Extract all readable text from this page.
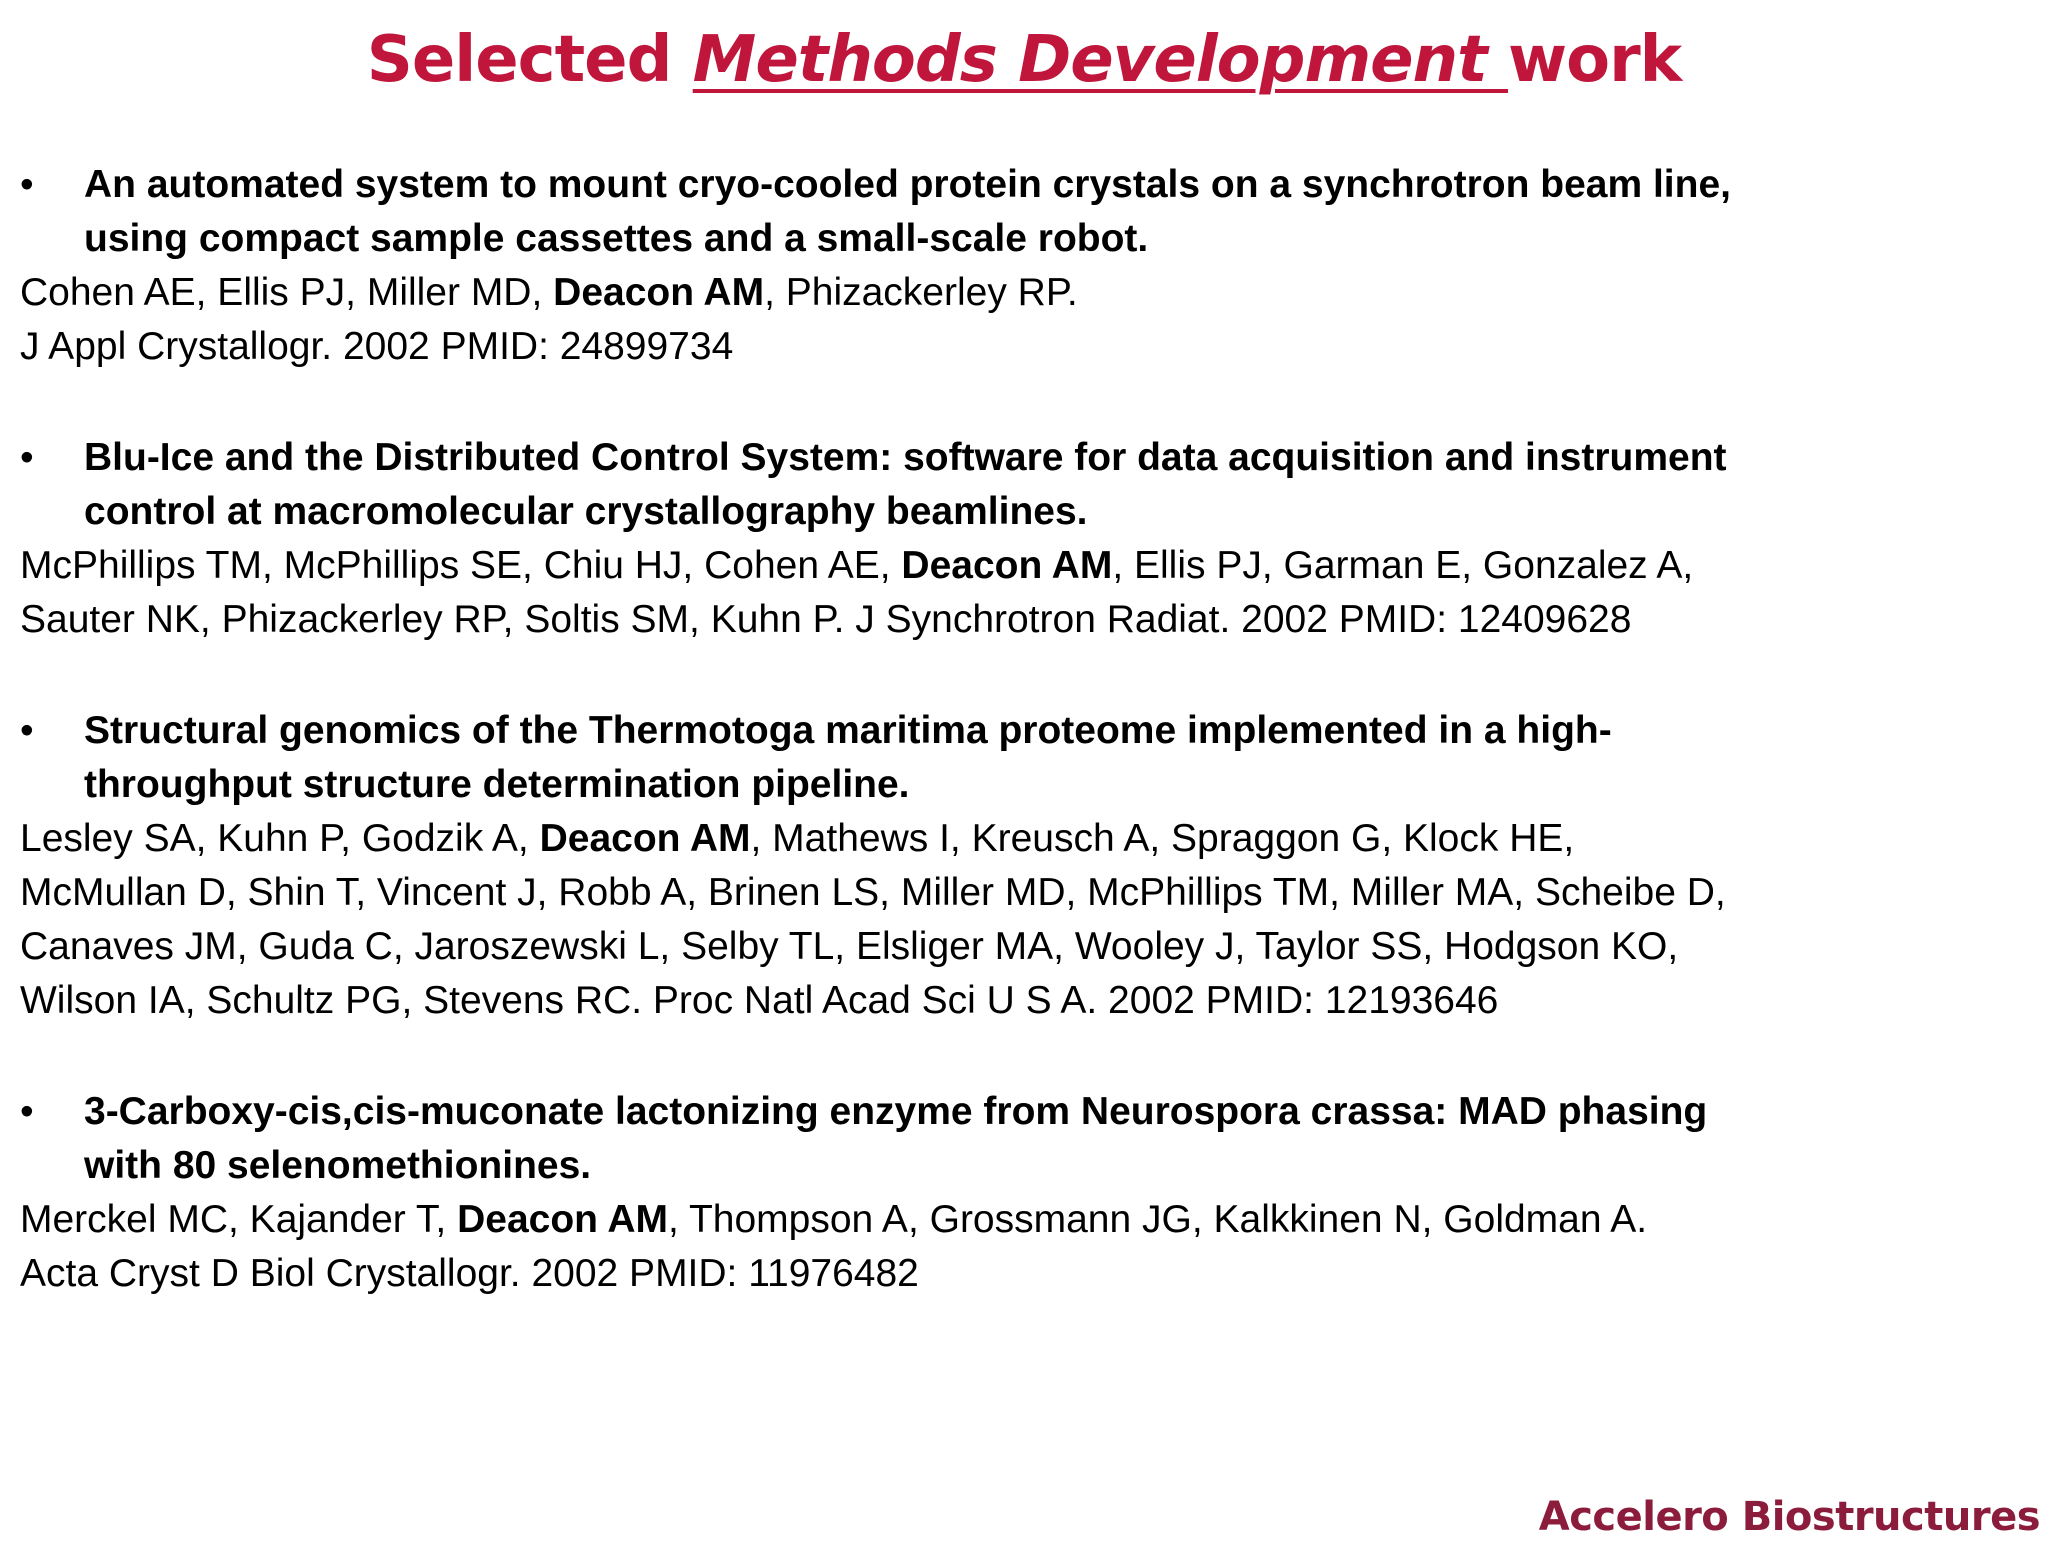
Selected Methods Development work
• An automated system to mount cryo-cooled protein crystals on a synchrotron beam line,
using compact sample cassettes and a small-scale robot.
Cohen AE, Ellis PJ, Miller MD, Deacon AM, Phizackerley RP.
J Appl Crystallogr. 2002 PMID: 24899734
• Blu-Ice and the Distributed Control System: software for data acquisition and instrument
control at macromolecular crystallography beamlines.
McPhillips TM, McPhillips SE, Chiu HJ, Cohen AE, Deacon AM, Ellis PJ, Garman E, Gonzalez A,
Sauter NK, Phizackerley RP, Soltis SM, Kuhn P. J Synchrotron Radiat. 2002 PMID: 12409628
• Structural genomics of the Thermotoga maritima proteome implemented in a high-
throughput structure determination pipeline.
Lesley SA, Kuhn P, Godzik A, Deacon AM, Mathews I, Kreusch A, Spraggon G, Klock HE,
McMullan D, Shin T, Vincent J, Robb A, Brinen LS, Miller MD, McPhillips TM, Miller MA, Scheibe D,
Canaves JM, Guda C, Jaroszewski L, Selby TL, Elsliger MA, Wooley J, Taylor SS, Hodgson KO,
Wilson IA, Schultz PG, Stevens RC. Proc Natl Acad Sci U S A. 2002 PMID: 12193646
• 3-Carboxy-cis,cis-muconate lactonizing enzyme from Neurospora crassa: MAD phasing
with 80 selenomethionines.
Merckel MC, Kajander T, Deacon AM, Thompson A, Grossmann JG, Kalkkinen N, Goldman A.
Acta Cryst D Biol Crystallogr. 2002 PMID: 11976482
Accelero Biostructures
